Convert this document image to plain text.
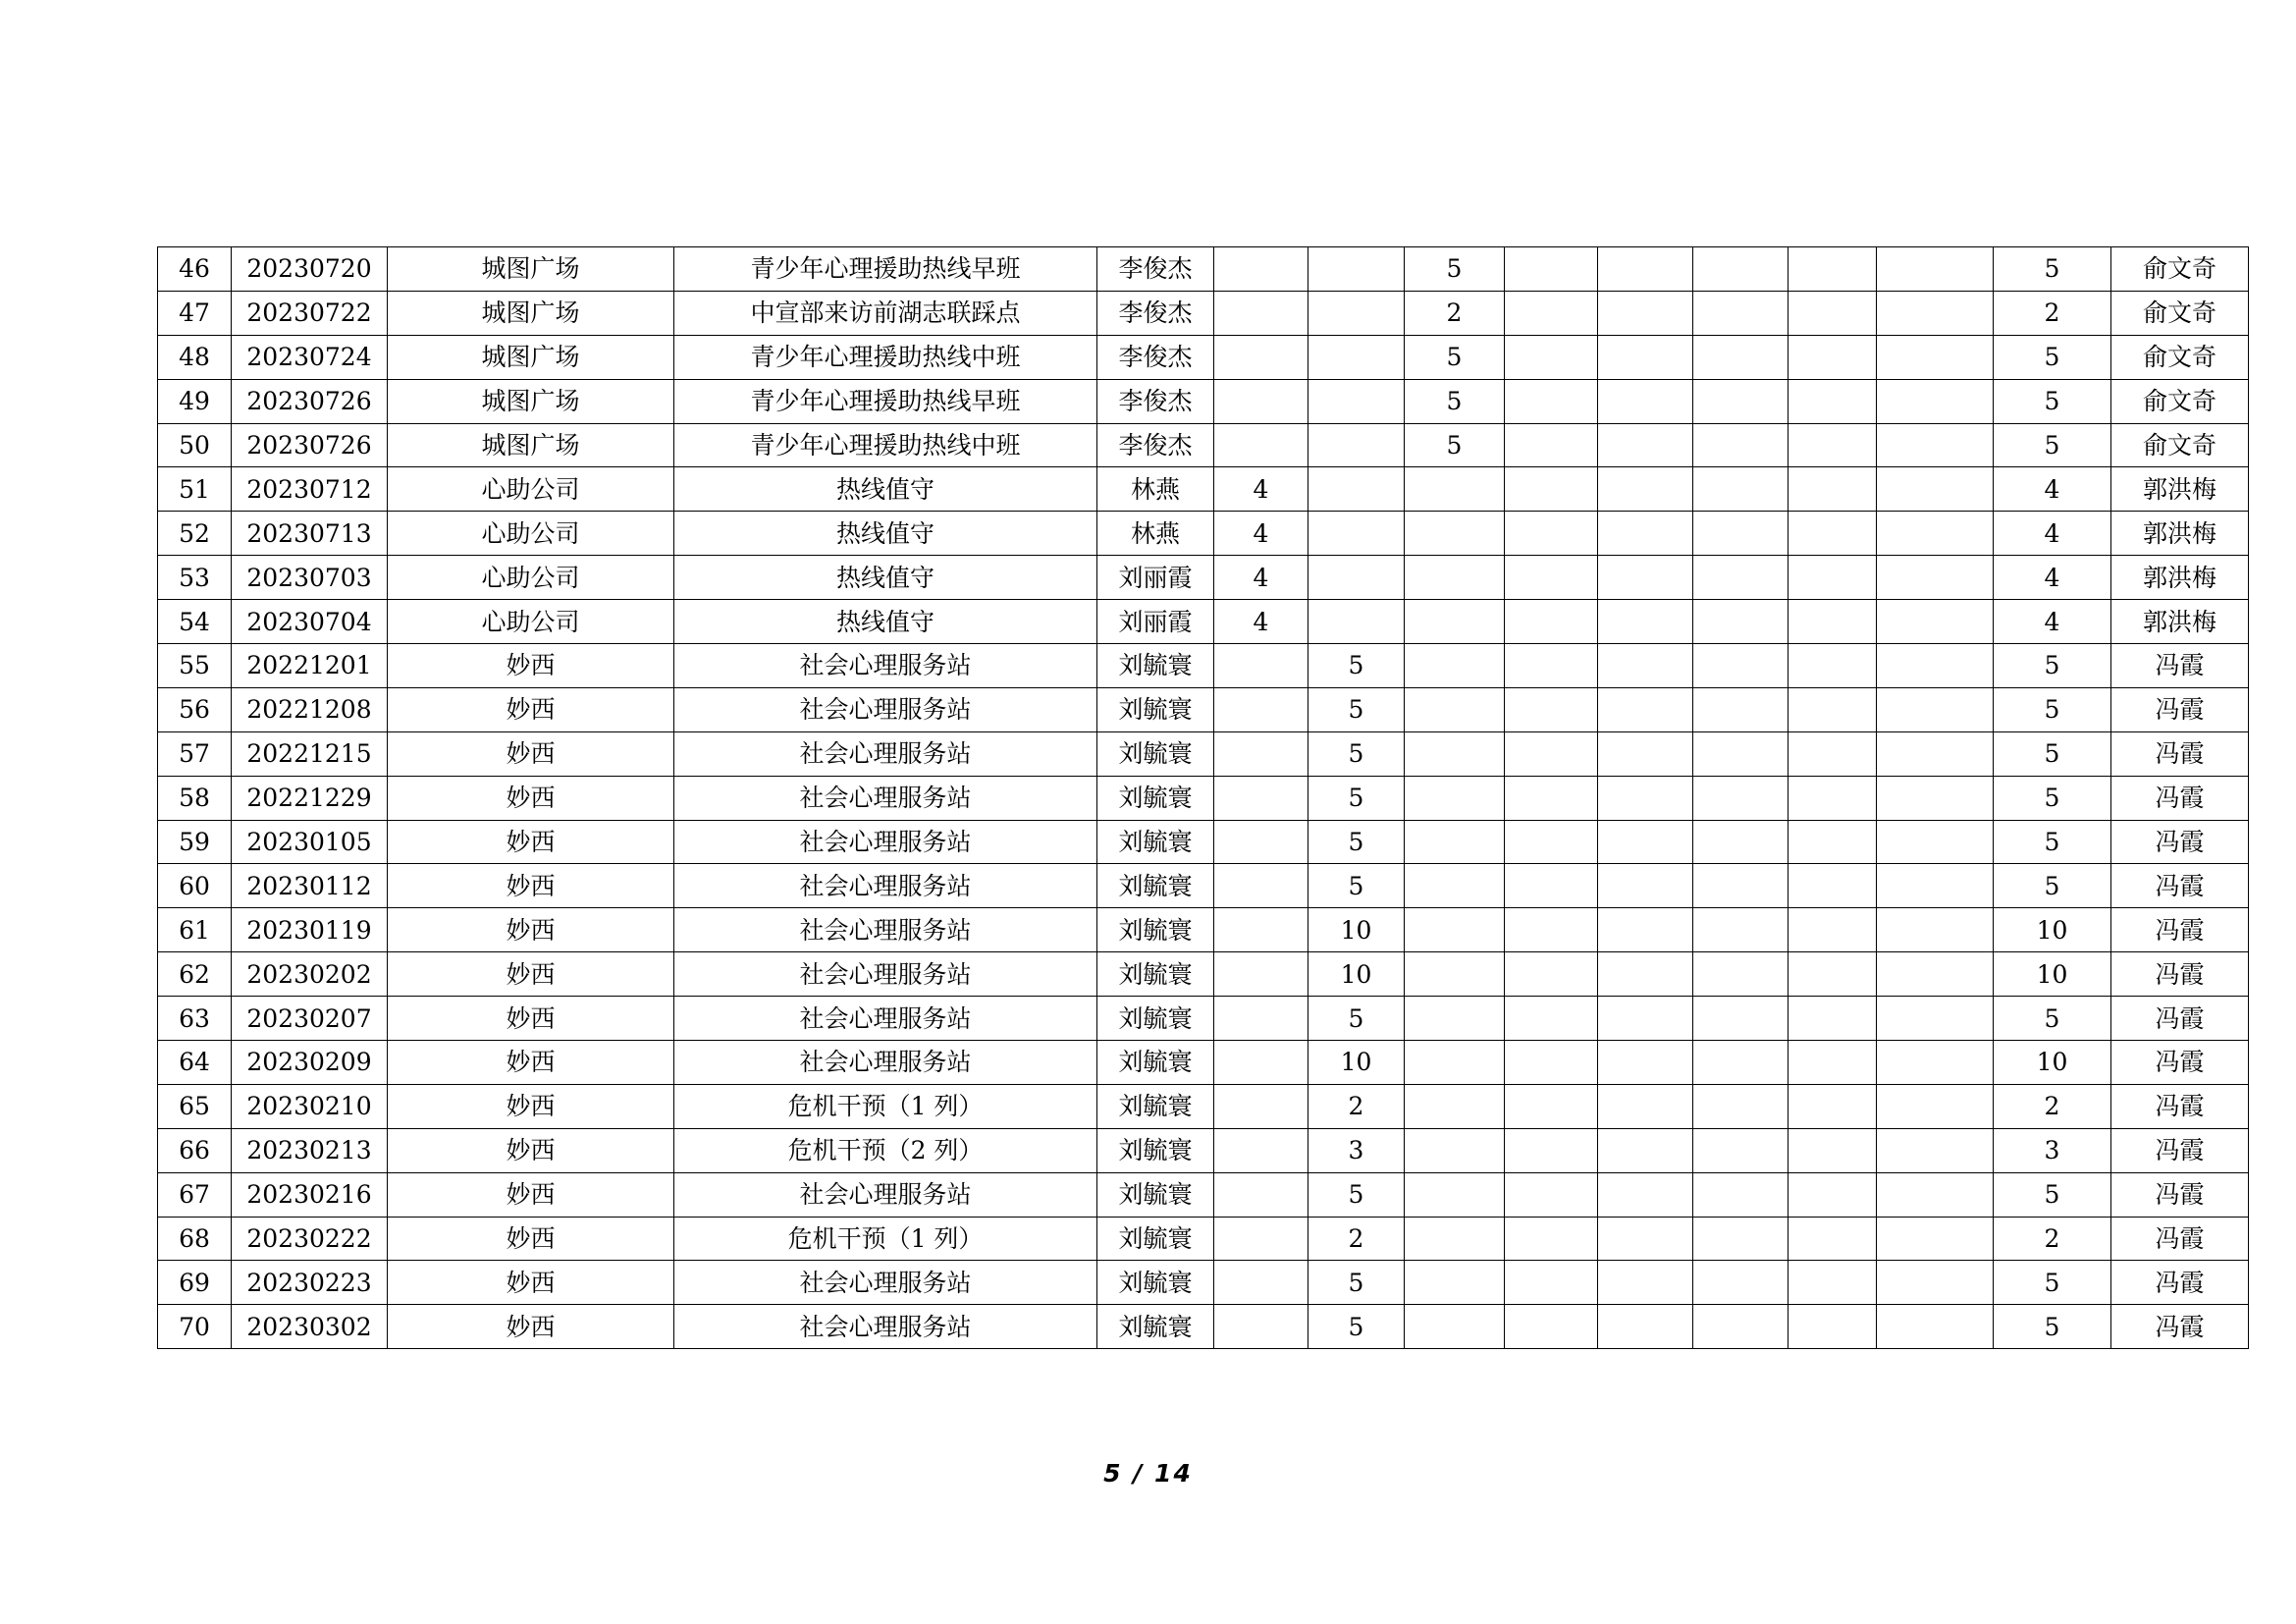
46	20230720	城图广场	青少年心理援助热线早班	李俊杰			5						5	俞文奇
47	20230722	城图广场	中宣部来访前湖志联踩点	李俊杰			2						2	俞文奇
48	20230724	城图广场	青少年心理援助热线中班	李俊杰			5						5	俞文奇
49	20230726	城图广场	青少年心理援助热线早班	李俊杰			5						5	俞文奇
50	20230726	城图广场	青少年心理援助热线中班	李俊杰			5						5	俞文奇
51	20230712	心助公司	热线值守	林燕	4								4	郭洪梅
52	20230713	心助公司	热线值守	林燕	4								4	郭洪梅
53	20230703	心助公司	热线值守	刘丽霞	4								4	郭洪梅
54	20230704	心助公司	热线值守	刘丽霞	4								4	郭洪梅
55	20221201	妙西	社会心理服务站	刘毓寰		5							5	冯霞
56	20221208	妙西	社会心理服务站	刘毓寰		5							5	冯霞
57	20221215	妙西	社会心理服务站	刘毓寰		5							5	冯霞
58	20221229	妙西	社会心理服务站	刘毓寰		5							5	冯霞
59	20230105	妙西	社会心理服务站	刘毓寰		5							5	冯霞
60	20230112	妙西	社会心理服务站	刘毓寰		5							5	冯霞
61	20230119	妙西	社会心理服务站	刘毓寰		10							10	冯霞
62	20230202	妙西	社会心理服务站	刘毓寰		10							10	冯霞
63	20230207	妙西	社会心理服务站	刘毓寰		5							5	冯霞
64	20230209	妙西	社会心理服务站	刘毓寰		10							10	冯霞
65	20230210	妙西	危机干预（1 列）	刘毓寰		2							2	冯霞
66	20230213	妙西	危机干预（2 列）	刘毓寰		3							3	冯霞
67	20230216	妙西	社会心理服务站	刘毓寰		5							5	冯霞
68	20230222	妙西	危机干预（1 列）	刘毓寰		2							2	冯霞
69	20230223	妙西	社会心理服务站	刘毓寰		5							5	冯霞
70	20230302	妙西	社会心理服务站	刘毓寰		5							5	冯霞
5 / 14
